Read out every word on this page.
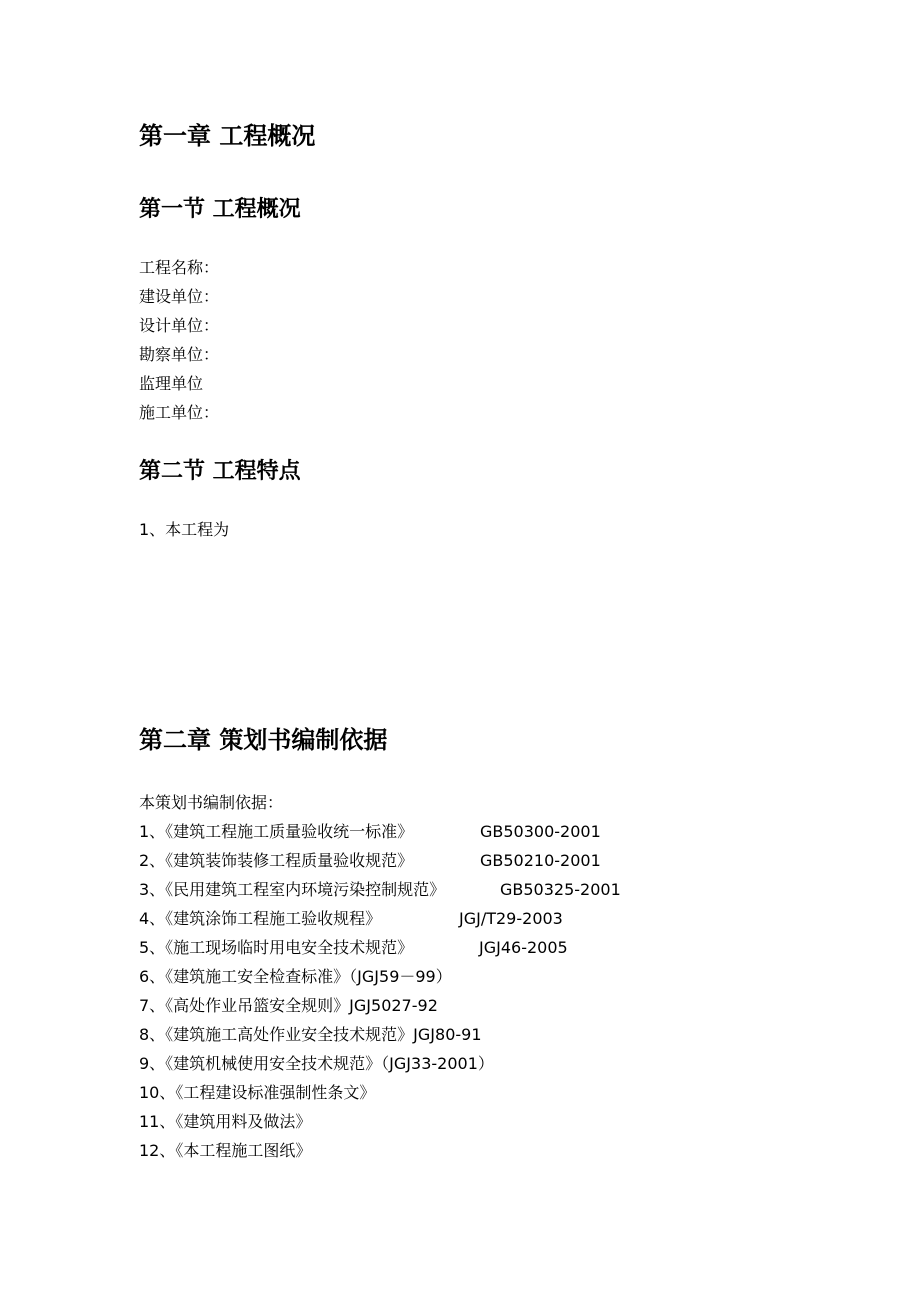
第一章 工程概况
第一节 工程概况
工程名称：
建设单位：
设计单位：
勘察单位：
监理单位
施工单位：
第二节 工程特点
1、本工程为
第二章 策划书编制依据
本策划书编制依据：
1、《建筑工程施工质量验收统一标准》	GB50300-2001
2、《建筑装饰装修工程质量验收规范》	GB50210-2001
3、《民用建筑工程室内环境污染控制规范》	GB50325-2001
4、《建筑涂饰工程施工验收规程》	JGJ/T29-2003
5、《施工现场临时用电安全技术规范》	JGJ46-2005
6、《建筑施工安全检查标准》（JGJ59－99）
7、《高处作业吊篮安全规则》JGJ5027-92
8、《建筑施工高处作业安全技术规范》JGJ80-91
9、《建筑机械使用安全技术规范》（JGJ33-2001）
10、《工程建设标准强制性条文》
11、《建筑用料及做法》
12、《本工程施工图纸》
